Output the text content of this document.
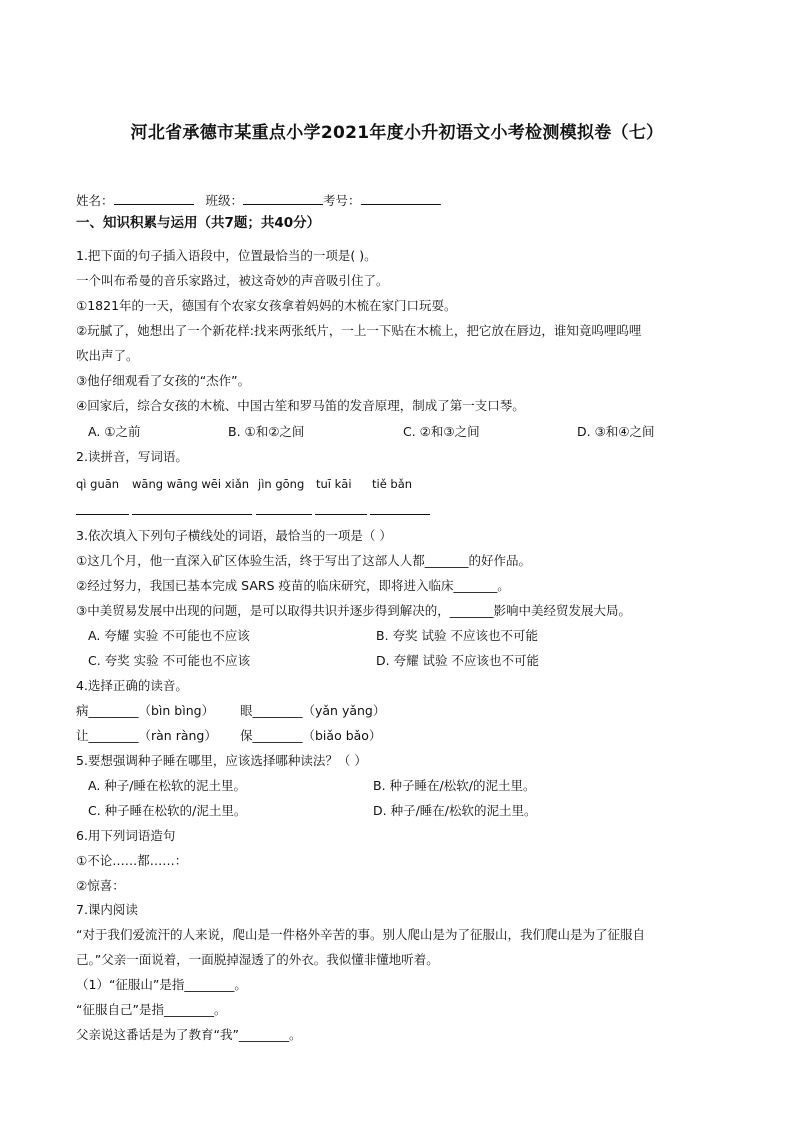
河北省承德市某重点小学2021年度小升初语文小考检测模拟卷（七）
姓名：	班级：	考号：
一、知识积累与运用（共7题；共40分）
1.把下面的句子插入语段中，位置最恰当的一项是( )。
一个叫布希曼的音乐家路过，被这奇妙的声音吸引住了。
①1821年的一天，德国有个农家女孩拿着妈妈的木梳在家门口玩耍。
②玩腻了，她想出了一个新花样:找来两张纸片，一上一下贴在木梳上，把它放在唇边，谁知竟呜哩呜哩
吹出声了。
③他仔细观看了女孩的“杰作”。
④回家后，综合女孩的木梳、中国古笙和罗马笛的发音原理，制成了第一支口琴。
A. ①之前	B. ①和②之间	C. ②和③之间	D. ③和④之间
2.读拼音，写词语。
qì guān wāng wāng wēi xiǎn jìn gōng tuī kāi tiě bǎn
3.依次填入下列句子横线处的词语，最恰当的一项是（ ）
①这几个月，他一直深入矿区体验生活，终于写出了这部人人都_______的好作品。
②经过努力，我国已基本完成 SARS 疫苗的临床研究，即将进入临床_______。
③中美贸易发展中出现的问题，是可以取得共识并逐步得到解决的，_______影响中美经贸发展大局。
A. 夸耀 实验 不可能也不应该	B. 夸奖 试验 不应该也不可能
C. 夸奖 实验 不可能也不应该	D. 夸耀 试验 不应该也不可能
4.选择正确的读音。
病________（bìn bìng） 眼________（yǎn yǎng）
让________（ràn ràng） 保________（biǎo bǎo）
5.要想强调种子睡在哪里，应该选择哪种读法？（ ）
A. 种子/睡在松软的泥土里。	B. 种子睡在/松软/的泥土里。
C. 种子睡在松软的/泥土里。	D. 种子/睡在/松软的泥土里。
6.用下列词语造句
①不论……都……：
②惊喜：
7.课内阅读
“对于我们爱流汗的人来说，爬山是一件格外辛苦的事。别人爬山是为了征服山，我们爬山是为了征服自
己。”父亲一面说着，一面脱掉湿透了的外衣。我似懂非懂地听着。
（1）“征服山”是指________。
“征服自己”是指________。
父亲说这番话是为了教育“我”________。
